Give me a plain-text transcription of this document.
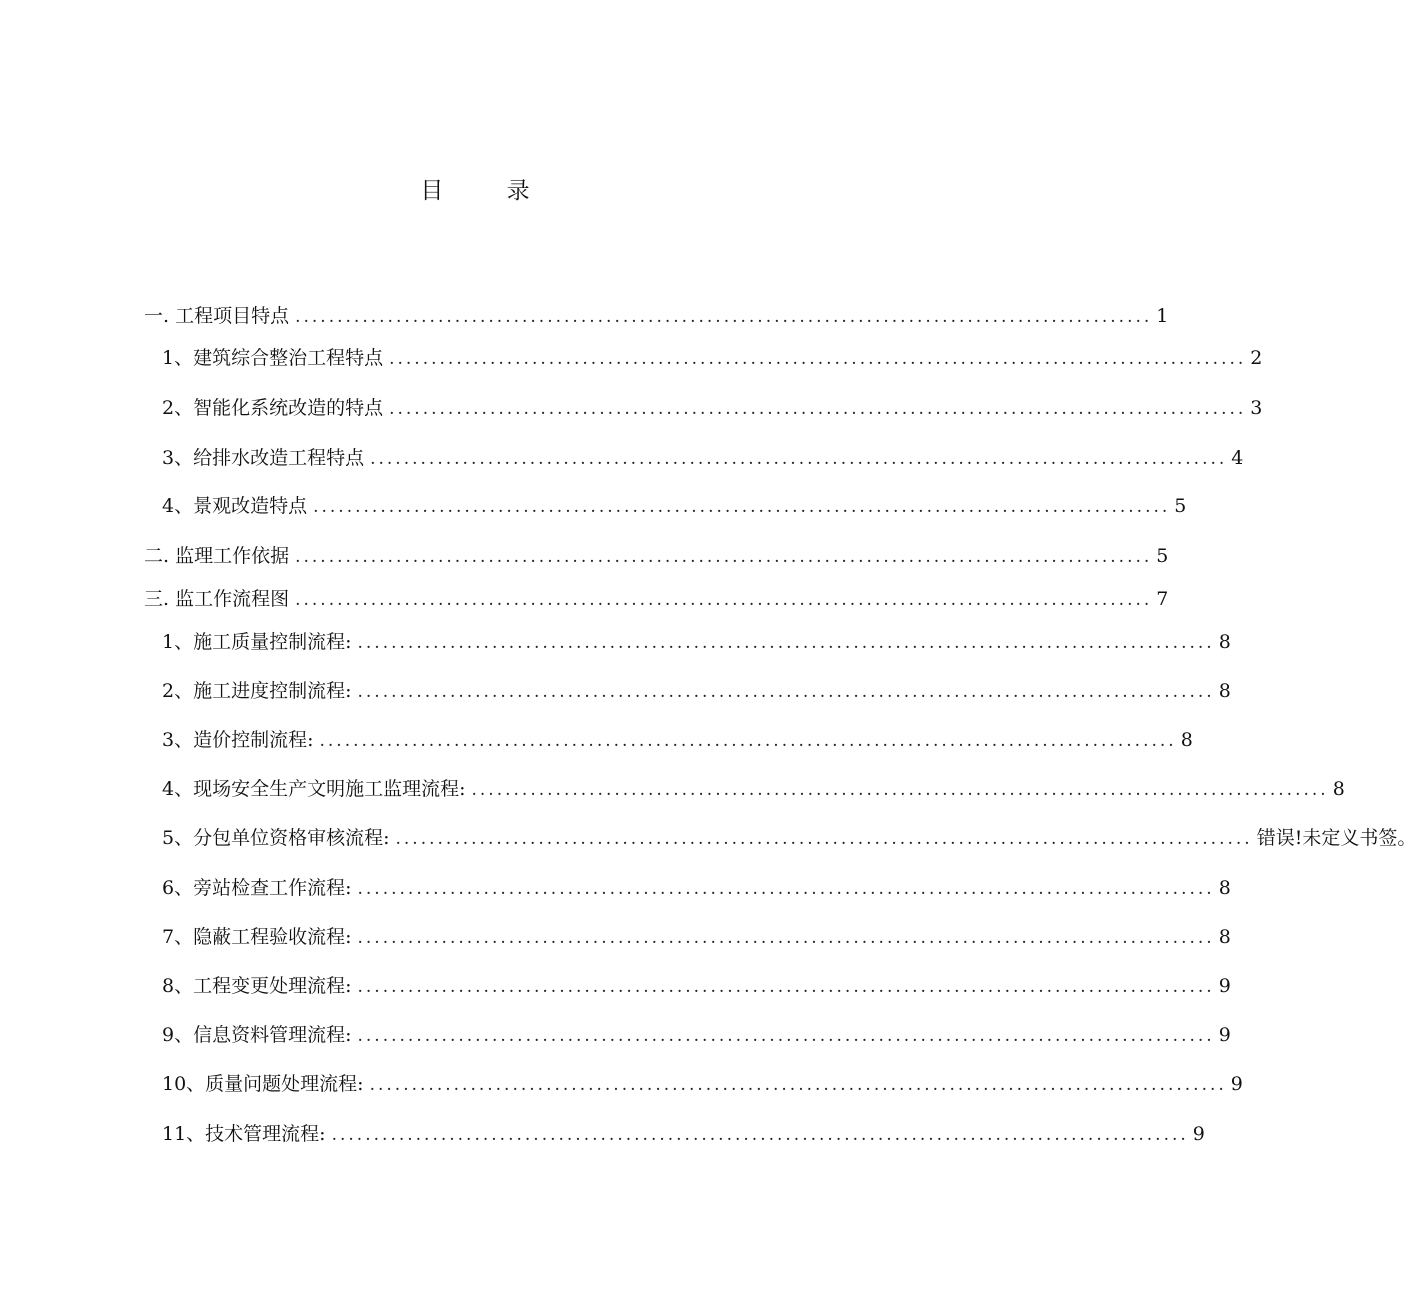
目 录
一. 工程项目特点 ...................................................................................................... 1
1、建筑综合整治工程特点 ...................................................................................................... 2
2、智能化系统改造的特点 ...................................................................................................... 3
3、给排水改造工程特点 ...................................................................................................... 4
4、景观改造特点 ...................................................................................................... 5
二. 监理工作依据 ...................................................................................................... 5
三. 监工作流程图 ...................................................................................................... 7
1、施工质量控制流程: ...................................................................................................... 8
2、施工进度控制流程: ...................................................................................................... 8
3、造价控制流程: ...................................................................................................... 8
4、现场安全生产文明施工监理流程: ...................................................................................................... 8
5、分包单位资格审核流程: ...................................................................................................... 错误!未定义书签。
6、旁站检查工作流程: ...................................................................................................... 8
7、隐蔽工程验收流程: ...................................................................................................... 8
8、工程变更处理流程: ...................................................................................................... 9
9、信息资料管理流程: ...................................................................................................... 9
10、质量问题处理流程: ...................................................................................................... 9
11、技术管理流程: ...................................................................................................... 9
